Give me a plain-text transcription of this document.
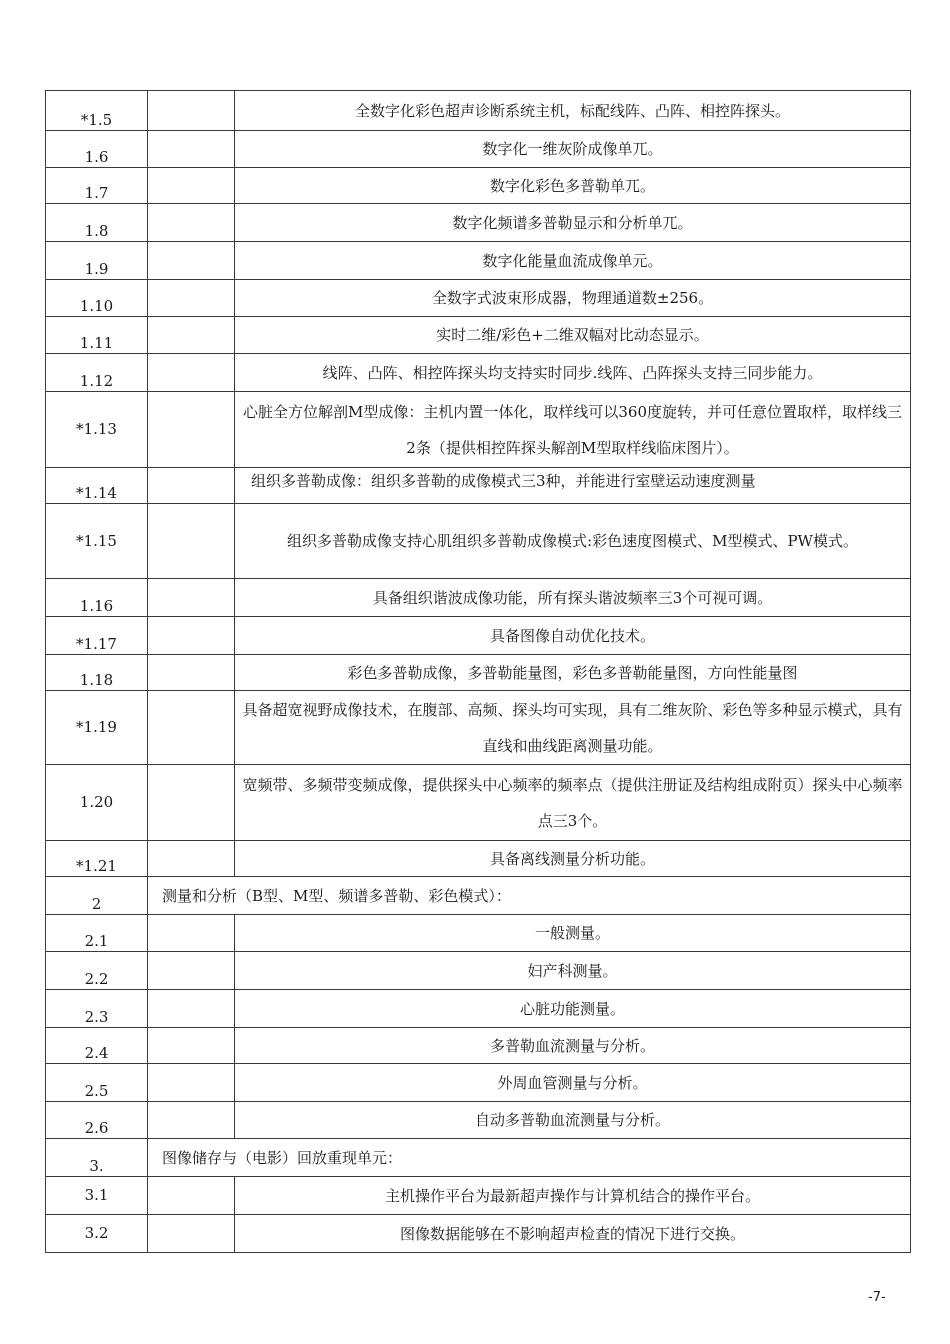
*1.5		全数字化彩色超声诊断系统主机，标配线阵、凸阵、相控阵探头。
1.6		数字化一维灰阶成像单兀。
1.7		数字化彩色多普勒单兀。
1.8		数字化频谱多普勒显示和分析单兀。
1.9		数字化能量血流成像单元。
1.10		全数字式波束形成器，物理通道数±256。
1.11		实时二维/彩色+二维双幅对比动态显示。
1.12		线阵、凸阵、相控阵探头均支持实时同步.线阵、凸阵探头支持三同步能力。
*1.13		心脏全方位解剖M型成像：主机内置一体化，取样线可以360度旋转，并可任意位置取样，取样线三2条（提供相控阵探头解剖M型取样线临床图片）。
*1.14		组织多普勒成像：组织多普勒的成像模式三3种，并能进行室壁运动速度测量

*1.15		组织多普勒成像支持心肌组织多普勒成像模式:彩色速度图模式、M型模式、PW模式。
1.16		具备组织谐波成像功能，所有探头谐波频率三3个可视可调。
*1.17		具备图像自动优化技术。
1.18		彩色多普勒成像，多普勒能量图，彩色多普勒能量图，方向性能量图
*1.19		具备超宽视野成像技术，在腹部、高频、探头均可实现，具有二维灰阶、彩色等多种显示模式，具有直线和曲线距离测量功能。
1.20		宽频带、多频带变频成像，提供探头中心频率的频率点（提供注册证及结构组成附页）探头中心频率点三3个。
*1.21		具备离线测量分析功能。
2	测量和分析（B型、M型、频谱多普勒、彩色模式）：	
2.1		一般测量。
2.2		妇产科测量。
2.3		心脏功能测量。
2.4		多普勒血流测量与分析。
2.5		外周血管测量与分析。
2.6		自动多普勒血流测量与分析。
3.	图像储存与（电影）回放重现单元：	
3.1		主机操作平台为最新超声操作与计算机结合的操作平台。
3.2		图像数据能够在不影响超声检查的情况下进行交换。
-7-
